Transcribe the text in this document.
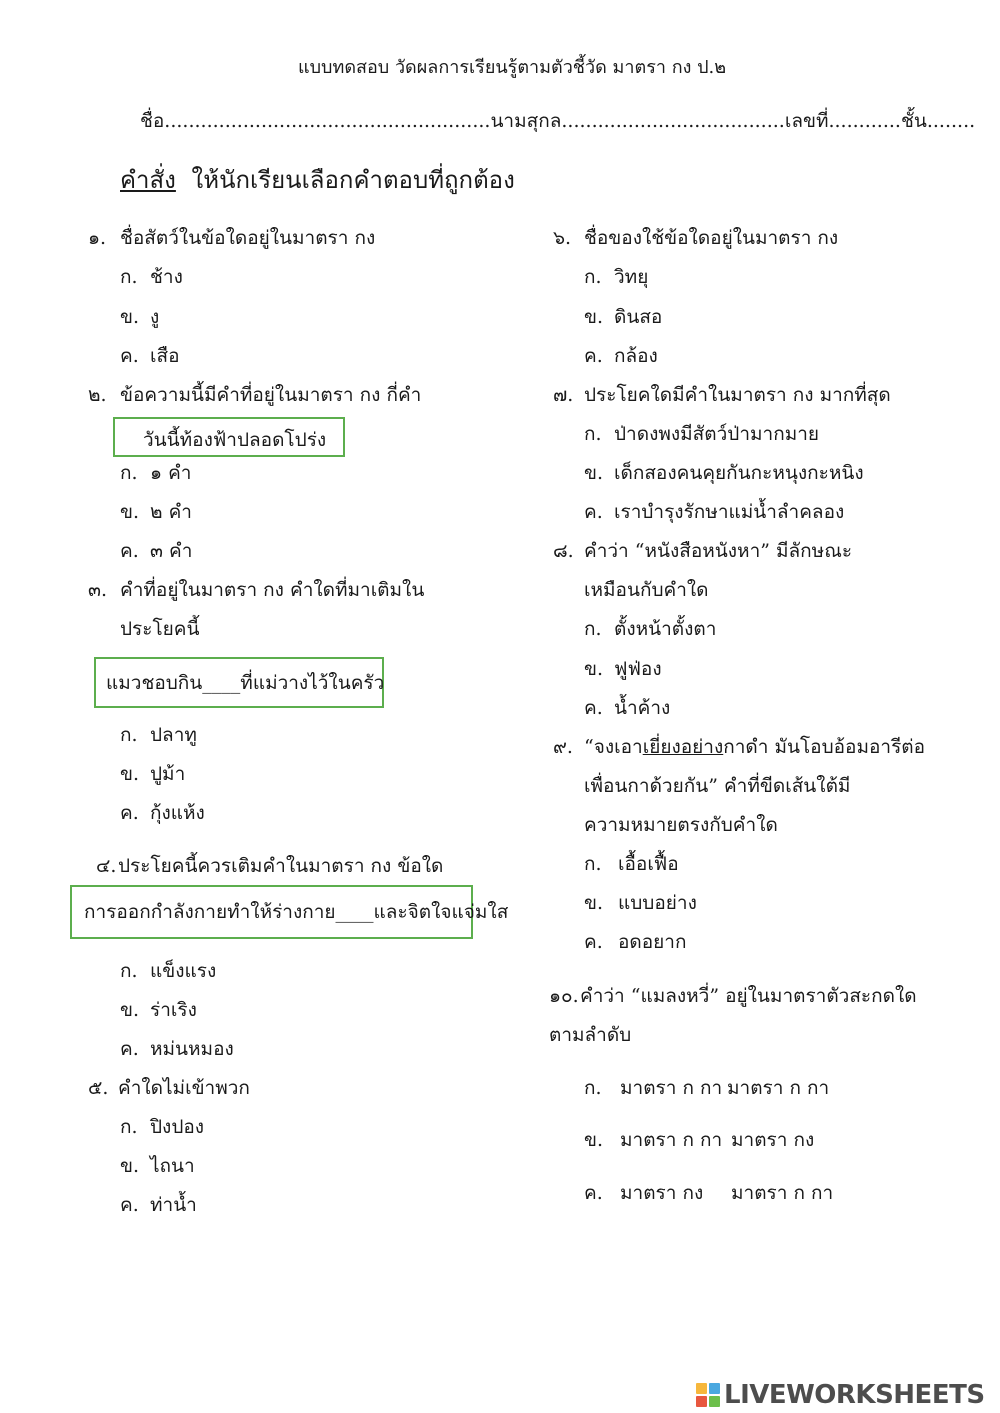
แบบทดสอบ วัดผลการเรียนรู้ตามตัวชี้วัด มาตรา กง ป.๒
ชื่อ......................................................นามสุกล.....................................เลขที่............ชั้น........
คำสั่ง ให้นักเรียนเลือกคำตอบที่ถูกต้อง
๑. ชื่อสัตว์ในข้อใดอยู่ในมาตรา กง
ก. ช้าง
ข. งู
ค. เสือ
๒. ข้อความนี้มีคำที่อยู่ในมาตรา กง กี่คำ
วันนี้ท้องฟ้าปลอดโปร่ง
ก. ๑ คำ
ข. ๒ คำ
ค. ๓ คำ
๓. คำที่อยู่ในมาตรา กง คำใดที่มาเติมใน
ประโยคนี้
แมวชอบกิน____ที่แม่วางไว้ในครัว
ก. ปลาทู
ข. ปูม้า
ค. กุ้งแห้ง
๔. ประโยคนี้ควรเติมคำในมาตรา กง ข้อใด
การออกกำลังกายทำให้ร่างกาย____และจิตใจแจ่มใส
ก. แข็งแรง
ข. ร่าเริง
ค. หม่นหมอง
๕. คำใดไม่เข้าพวก
ก. ปิงปอง
ข. ไถนา
ค. ท่าน้ำ
๖. ชื่อของใช้ข้อใดอยู่ในมาตรา กง
ก. วิทยุ
ข. ดินสอ
ค. กล้อง
๗. ประโยคใดมีคำในมาตรา กง มากที่สุด
ก. ป่าดงพงมีสัตว์ป่ามากมาย
ข. เด็กสองคนคุยกันกะหนุงกะหนิง
ค. เราบำรุงรักษาแม่น้ำลำคลอง
๘. คำว่า “หนังสือหนังหา” มีลักษณะ
เหมือนกับคำใด
ก. ตั้งหน้าตั้งตา
ข. ฟูฟ่อง
ค. น้ำค้าง
๙. “จงเอาเยี่ยงอย่างกาดำ มันโอบอ้อมอารีต่อ
เพื่อนกาด้วยกัน” คำที่ขีดเส้นใต้มี
ความหมายตรงกับคำใด
ก. เอื้อเฟื้อ
ข. แบบอย่าง
ค. อดอยาก
๑๐. คำว่า “แมลงหวี่” อยู่ในมาตราตัวสะกดใด
ตามลำดับ
ก. มาตรา ก กา มาตรา ก กา
ข. มาตรา ก กา มาตรา กง
ค. มาตรา กง มาตรา ก กา
LIVEWORKSHEETS
